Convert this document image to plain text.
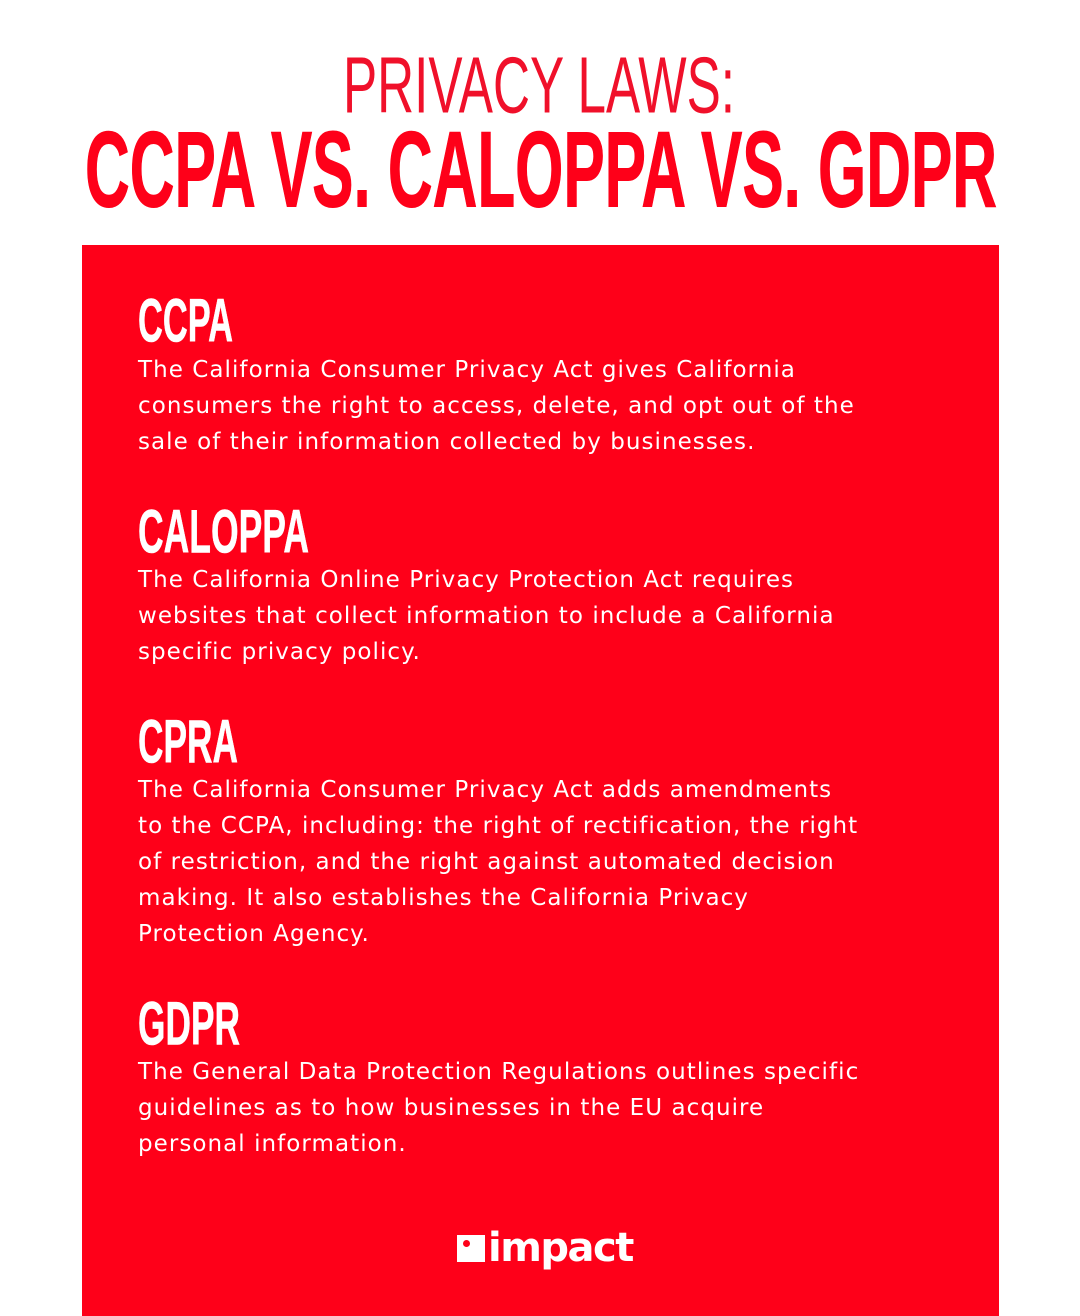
PRIVACY LAWS:
CCPA VS. CALOPPA VS. GDPR
CCPA
The California Consumer Privacy Act gives California
consumers the right to access, delete, and opt out of the
sale of their information collected by businesses.
CALOPPA
The California Online Privacy Protection Act requires
websites that collect information to include a California
specific privacy policy.
CPRA
The California Consumer Privacy Act adds amendments
to the CCPA, including: the right of rectification, the right
of restriction, and the right against automated decision
making. It also establishes the California Privacy
Protection Agency.
GDPR
The General Data Protection Regulations outlines specific
guidelines as to how businesses in the EU acquire
personal information.
impact
